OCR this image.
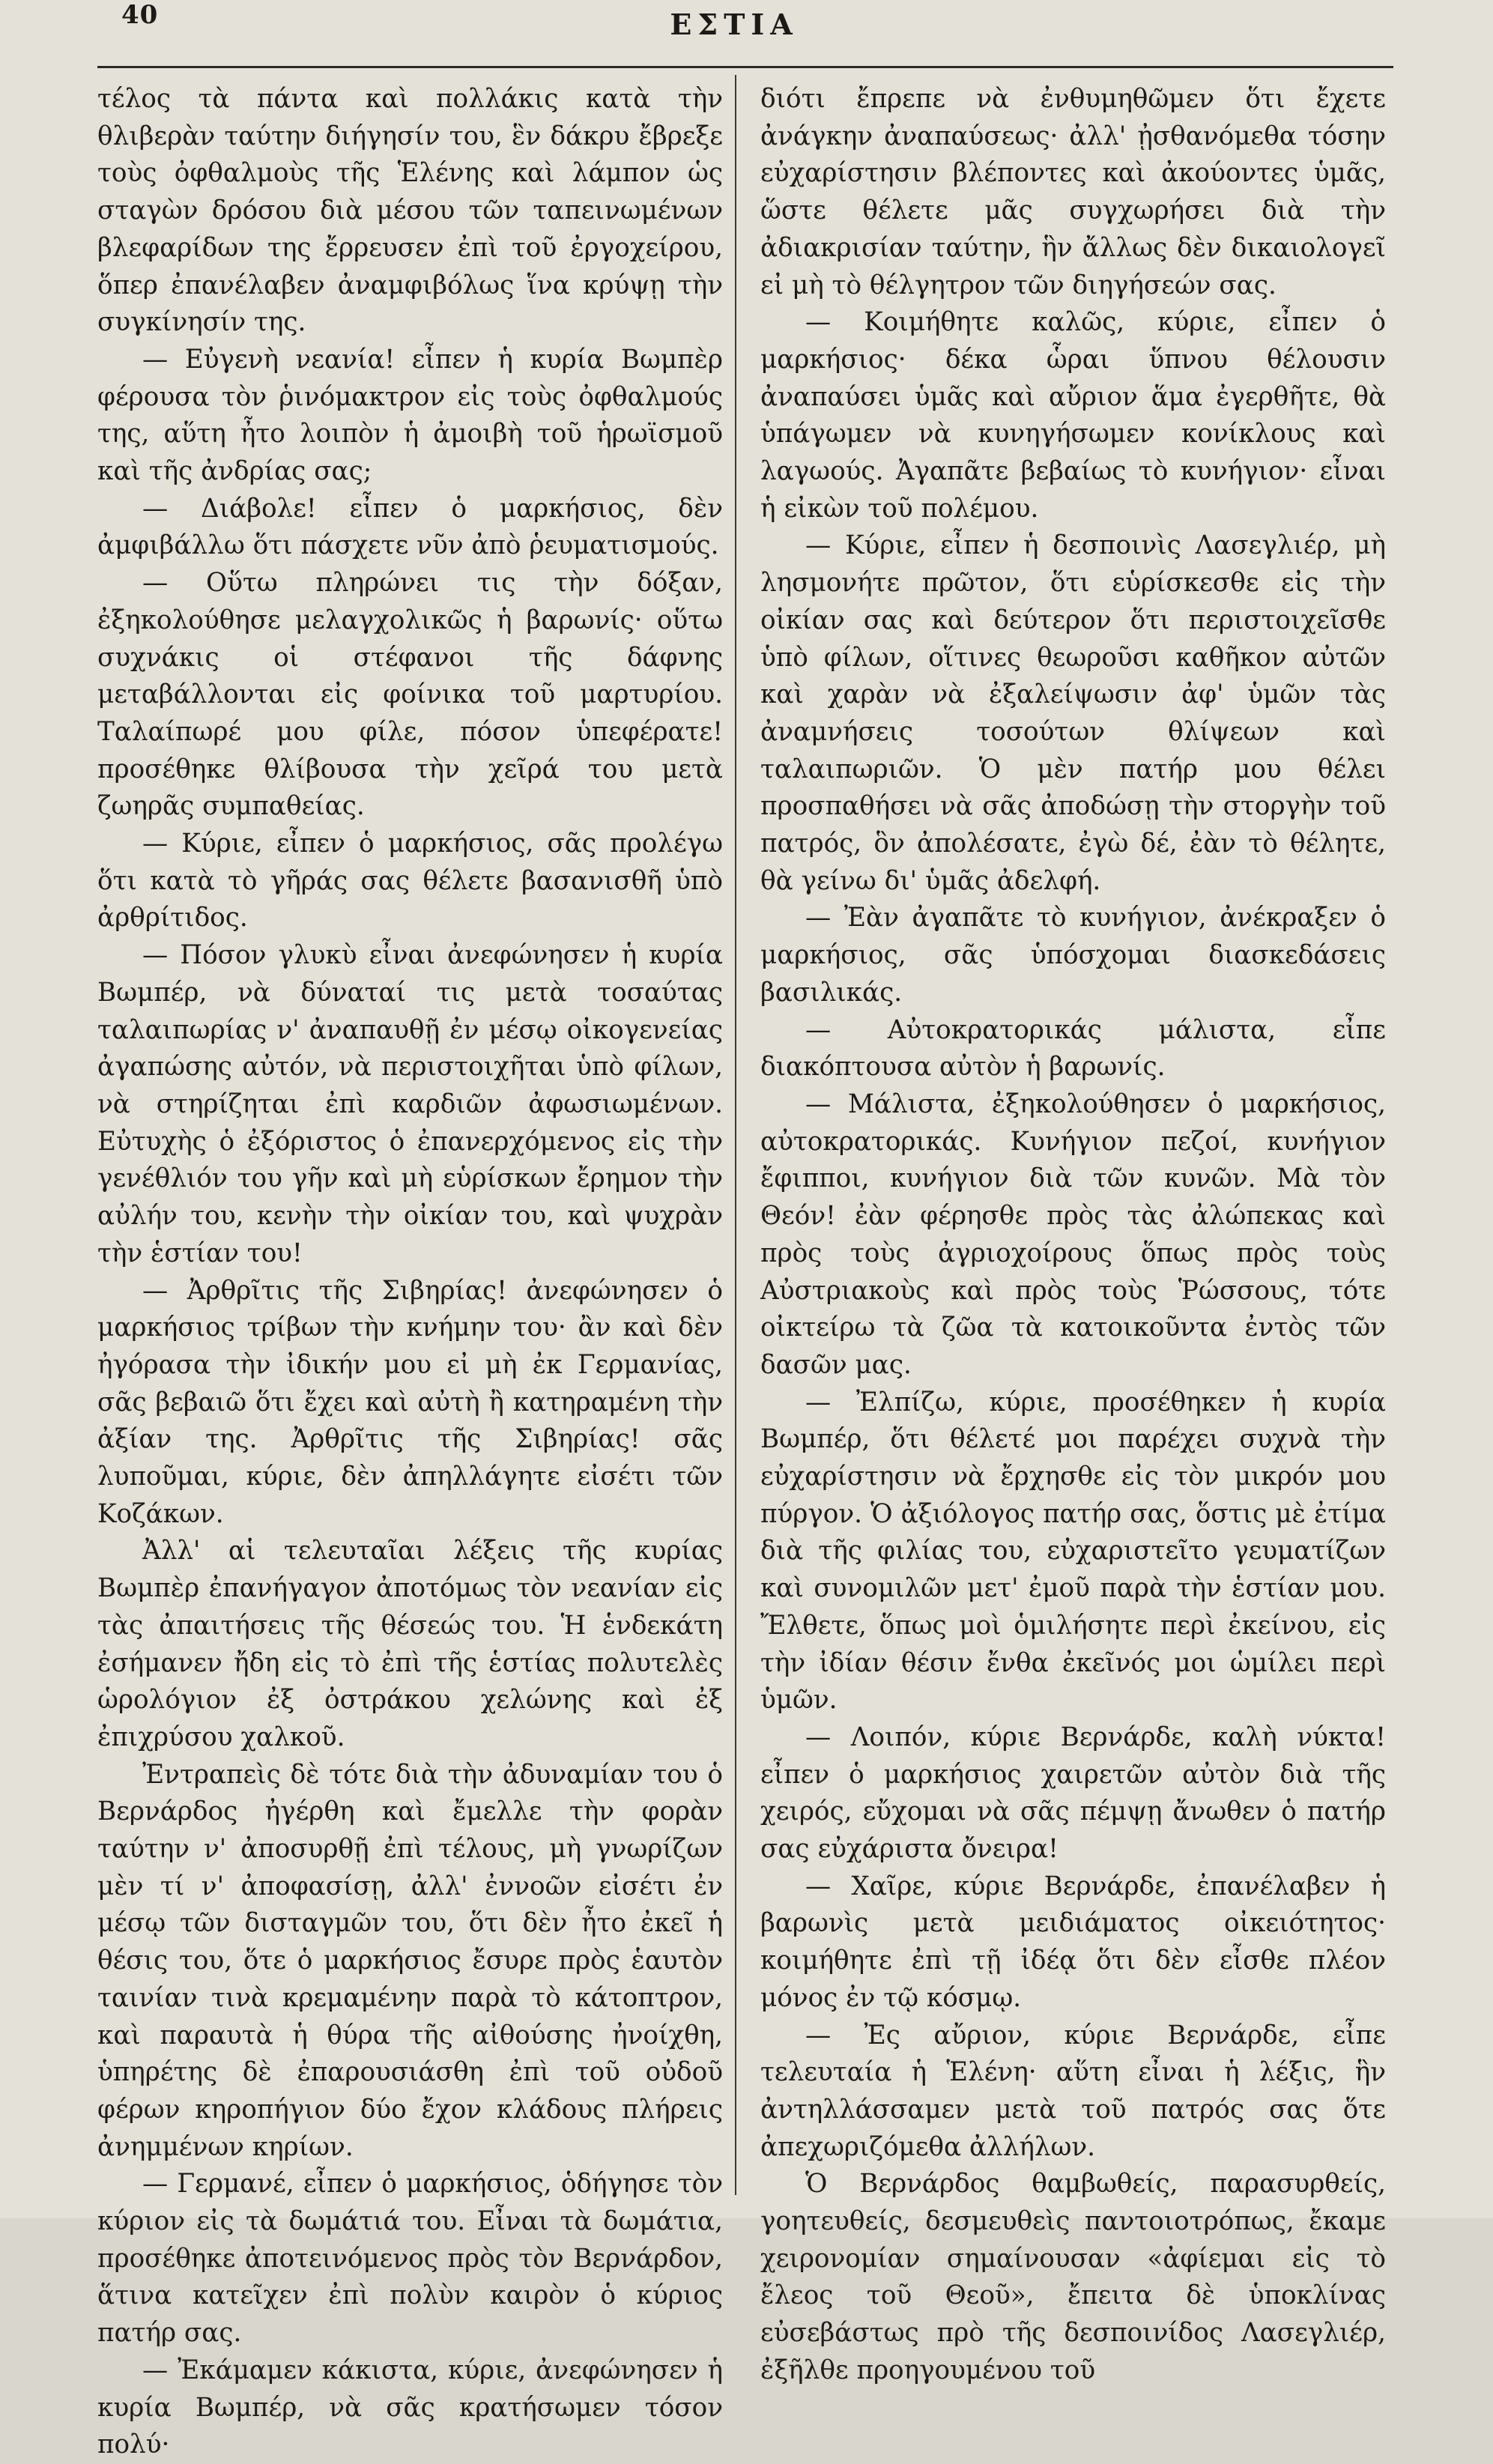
40	ΕΣΤΙΑ

τέλος τὰ πάντα καὶ πολλάκις κατὰ τὴν θλιβερὰν ταύτην διήγησίν του, ἓν δάκρυ ἔβρεξε τοὺς ὀφθαλμοὺς τῆς Ἑλένης καὶ λάμπον ὡς σταγὼν δρόσου διὰ μέσου τῶν ταπεινωμένων βλεφαρίδων της ἔρρευσεν ἐπὶ τοῦ ἐργοχείρου, ὅπερ ἐπανέλαβεν ἀναμφιβόλως ἵνα κρύψῃ τὴν συγκίνησίν της.

— Εὐγενὴ νεανία! εἶπεν ἡ κυρία Βωμπὲρ φέρουσα τὸν ῥινόμακτρον εἰς τοὺς ὀφθαλμούς της, αὕτη ἦτο λοιπὸν ἡ ἀμοιβὴ τοῦ ἡρωϊσμοῦ καὶ τῆς ἀνδρίας σας;

— Διάβολε! εἶπεν ὁ μαρκήσιος, δὲν ἀμφιβάλλω ὅτι πάσχετε νῦν ἀπὸ ῥευματισμούς.

— Οὕτω πληρώνει τις τὴν δόξαν, ἐξηκολούθησε μελαγχολικῶς ἡ βαρωνίς· οὕτω συχνάκις οἱ στέφανοι τῆς δάφνης μεταβάλλονται εἰς φοίνικα τοῦ μαρτυρίου. Ταλαίπωρέ μου φίλε, πόσον ὑπεφέρατε! προσέθηκε θλίβουσα τὴν χεῖρά του μετὰ ζωηρᾶς συμπαθείας.

— Κύριε, εἶπεν ὁ μαρκήσιος, σᾶς προλέγω ὅτι κατὰ τὸ γῆράς σας θέλετε βασανισθῆ ὑπὸ ἀρθρίτιδος.

— Πόσον γλυκὺ εἶναι ἀνεφώνησεν ἡ κυρία Βωμπέρ, νὰ δύναταί τις μετὰ τοσαύτας ταλαιπωρίας ν' ἀναπαυθῇ ἐν μέσῳ οἰκογενείας ἀγαπώσης αὐτόν, νὰ περιστοιχῆται ὑπὸ φίλων, νὰ στηρίζηται ἐπὶ καρδιῶν ἀφωσιωμένων. Εὐτυχὴς ὁ ἐξόριστος ὁ ἐπανερχόμενος εἰς τὴν γενέθλιόν του γῆν καὶ μὴ εὑρίσκων ἔρημον τὴν αὐλήν του, κενὴν τὴν οἰκίαν του, καὶ ψυχρὰν τὴν ἑστίαν του!

— Ἀρθρῖτις τῆς Σιβηρίας! ἀνεφώνησεν ὁ μαρκήσιος τρίβων τὴν κνήμην του· ἂν καὶ δὲν ἠγόρασα τὴν ἰδικήν μου εἰ μὴ ἐκ Γερμανίας, σᾶς βεβαιῶ ὅτι ἔχει καὶ αὐτὴ ἢ κατηραμένη τὴν ἀξίαν της. Ἀρθρῖτις τῆς Σιβηρίας! σᾶς λυποῦμαι, κύριε, δὲν ἀπηλλάγητε εἰσέτι τῶν Κοζάκων.

Ἀλλ' αἱ τελευταῖαι λέξεις τῆς κυρίας Βωμπὲρ ἐπανήγαγον ἀποτόμως τὸν νεανίαν εἰς τὰς ἀπαιτήσεις τῆς θέσεώς του. Ἡ ἑνδεκάτη ἐσήμανεν ἤδη εἰς τὸ ἐπὶ τῆς ἑστίας πολυτελὲς ὡρολόγιον ἐξ ὀστράκου χελώνης καὶ ἐξ ἐπιχρύσου χαλκοῦ.

Ἐντραπεὶς δὲ τότε διὰ τὴν ἀδυναμίαν του ὁ Βερνάρδος ἠγέρθη καὶ ἔμελλε τὴν φορὰν ταύτην ν' ἀποσυρθῇ ἐπὶ τέλους, μὴ γνωρίζων μὲν τί ν' ἀποφασίσῃ, ἀλλ' ἐννοῶν εἰσέτι ἐν μέσῳ τῶν δισταγμῶν του, ὅτι δὲν ἦτο ἐκεῖ ἡ θέσις του, ὅτε ὁ μαρκήσιος ἔσυρε πρὸς ἑαυτὸν ταινίαν τινὰ κρεμαμένην παρὰ τὸ κάτοπτρον, καὶ παραυτὰ ἡ θύρα τῆς αἰθούσης ἠνοίχθη, ὑπηρέτης δὲ ἐπαρουσιάσθη ἐπὶ τοῦ οὐδοῦ φέρων κηροπήγιον δύο ἔχον κλάδους πλήρεις ἀνημμένων κηρίων.

— Γερμανέ, εἶπεν ὁ μαρκήσιος, ὁδήγησε τὸν κύριον εἰς τὰ δωμάτιά του. Εἶναι τὰ δωμάτια, προσέθηκε ἀποτεινόμενος πρὸς τὸν Βερνάρδον, ἅτινα κατεῖχεν ἐπὶ πολὺν καιρὸν ὁ κύριος πατήρ σας.

— Ἐκάμαμεν κάκιστα, κύριε, ἀνεφώνησεν ἡ κυρία Βωμπέρ, νὰ σᾶς κρατήσωμεν τόσον πολύ·

διότι ἔπρεπε νὰ ἐνθυμηθῶμεν ὅτι ἔχετε ἀνάγκην ἀναπαύσεως· ἀλλ' ᾐσθανόμεθα τόσην εὐχαρίστησιν βλέποντες καὶ ἀκούοντες ὑμᾶς, ὥστε θέλετε μᾶς συγχωρήσει διὰ τὴν ἀδιακρισίαν ταύτην, ἣν ἄλλως δὲν δικαιολογεῖ εἰ μὴ τὸ θέλγητρον τῶν διηγήσεών σας.

— Κοιμήθητε καλῶς, κύριε, εἶπεν ὁ μαρκήσιος· δέκα ὧραι ὕπνου θέλουσιν ἀναπαύσει ὑμᾶς καὶ αὔριον ἅμα ἐγερθῆτε, θὰ ὑπάγωμεν νὰ κυνηγήσωμεν κονίκλους καὶ λαγωούς. Ἀγαπᾶτε βεβαίως τὸ κυνήγιον· εἶναι ἡ εἰκὼν τοῦ πολέμου.

— Κύριε, εἶπεν ἡ δεσποινὶς Λασεγλιέρ, μὴ λησμονήτε πρῶτον, ὅτι εὑρίσκεσθε εἰς τὴν οἰκίαν σας καὶ δεύτερον ὅτι περιστοιχεῖσθε ὑπὸ φίλων, οἵτινες θεωροῦσι καθῆκον αὐτῶν καὶ χαρὰν νὰ ἐξαλείψωσιν ἀφ' ὑμῶν τὰς ἀναμνήσεις τοσούτων θλίψεων καὶ ταλαιπωριῶν. Ὁ μὲν πατήρ μου θέλει προσπαθήσει νὰ σᾶς ἀποδώσῃ τὴν στοργὴν τοῦ πατρός, ὃν ἀπολέσατε, ἐγὼ δέ, ἐὰν τὸ θέλητε, θὰ γείνω δι' ὑμᾶς ἀδελφή.

— Ἐὰν ἀγαπᾶτε τὸ κυνήγιον, ἀνέκραξεν ὁ μαρκήσιος, σᾶς ὑπόσχομαι διασκεδάσεις βασιλικάς.

— Αὐτοκρατορικάς μάλιστα, εἶπε διακόπτουσα αὐτὸν ἡ βαρωνίς.

— Μάλιστα, ἐξηκολούθησεν ὁ μαρκήσιος, αὐτοκρατορικάς. Κυνήγιον πεζοί, κυνήγιον ἔφιπποι, κυνήγιον διὰ τῶν κυνῶν. Μὰ τὸν Θεόν! ἐὰν φέρησθε πρὸς τὰς ἀλώπεκας καὶ πρὸς τοὺς ἀγριοχοίρους ὅπως πρὸς τοὺς Αὐστριακοὺς καὶ πρὸς τοὺς Ῥώσσους, τότε οἰκτείρω τὰ ζῶα τὰ κατοικοῦντα ἐντὸς τῶν δασῶν μας.

— Ἐλπίζω, κύριε, προσέθηκεν ἡ κυρία Βωμπέρ, ὅτι θέλετέ μοι παρέχει συχνὰ τὴν εὐχαρίστησιν νὰ ἔρχησθε εἰς τὸν μικρόν μου πύργον. Ὁ ἀξιόλογος πατήρ σας, ὅστις μὲ ἐτίμα διὰ τῆς φιλίας του, εὐχαριστεῖτο γευματίζων καὶ συνομιλῶν μετ' ἐμοῦ παρὰ τὴν ἑστίαν μου. Ἔλθετε, ὅπως μοὶ ὁμιλήσητε περὶ ἐκείνου, εἰς τὴν ἰδίαν θέσιν ἔνθα ἐκεῖνός μοι ὡμίλει περὶ ὑμῶν.

— Λοιπόν, κύριε Βερνάρδε, καλὴ νύκτα! εἶπεν ὁ μαρκήσιος χαιρετῶν αὐτὸν διὰ τῆς χειρός, εὔχομαι νὰ σᾶς πέμψῃ ἄνωθεν ὁ πατήρ σας εὐχάριστα ὄνειρα!

— Χαῖρε, κύριε Βερνάρδε, ἐπανέλαβεν ἡ βαρωνὶς μετὰ μειδιάματος οἰκειότητος· κοιμήθητε ἐπὶ τῇ ἰδέᾳ ὅτι δὲν εἶσθε πλέον μόνος ἐν τῷ κόσμῳ.

— Ἐς αὔριον, κύριε Βερνάρδε, εἶπε τελευταία ἡ Ἑλένη· αὕτη εἶναι ἡ λέξις, ἣν ἀντηλλάσσαμεν μετὰ τοῦ πατρός σας ὅτε ἀπεχωριζόμεθα ἀλλήλων.

Ὁ Βερνάρδος θαμβωθείς, παρασυρθείς, γοητευθείς, δεσμευθεὶς παντοιοτρόπως, ἔκαμε χειρονομίαν σημαίνουσαν «ἀφίεμαι εἰς τὸ ἔλεος τοῦ Θεοῦ», ἔπειτα δὲ ὑποκλίνας εὐσεβάστως πρὸ τῆς δεσποινίδος Λασεγλιέρ, ἐξῆλθε προηγουμένου τοῦ
